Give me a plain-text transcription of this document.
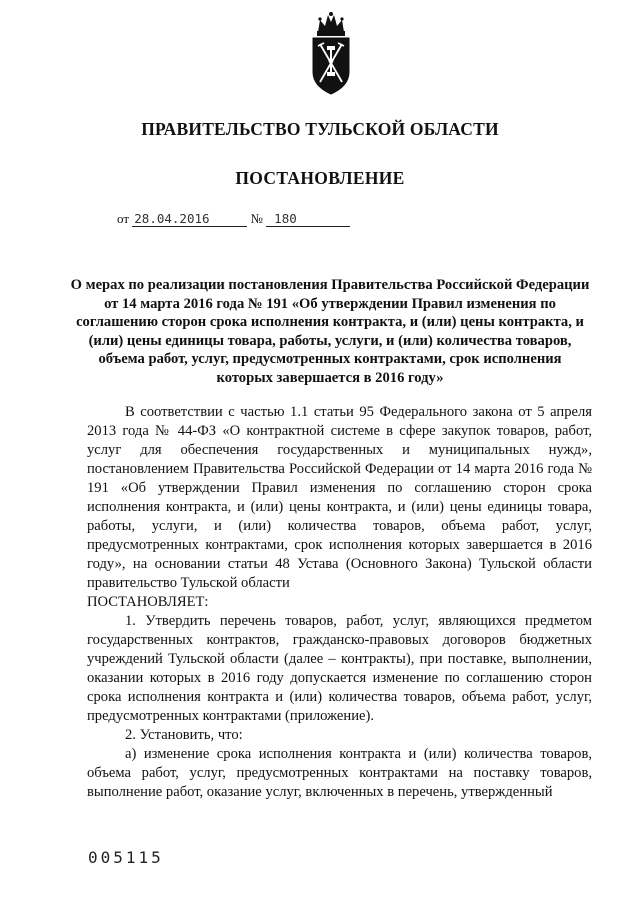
ПРАВИТЕЛЬСТВО ТУЛЬСКОЙ ОБЛАСТИ
ПОСТАНОВЛЕНИЕ
от 28.04.2016	№ 180
О мерах по реализации постановления Правительства Российской Федерации от 14 марта 2016 года № 191 «Об утверждении Правил изменения по соглашению сторон срока исполнения контракта, и (или) цены контракта, и (или) цены единицы товара, работы, услуги, и (или) количества товаров, объема работ, услуг, предусмотренных контрактами, срок исполнения которых завершается в 2016 году»

В соответствии с частью 1.1 статьи 95 Федерального закона от 5 апреля 2013 года № 44-ФЗ «О контрактной системе в сфере закупок товаров, работ, услуг для обеспечения государственных и муниципальных нужд», постановлением Правительства Российской Федерации от 14 марта 2016 года № 191 «Об утверждении Правил изменения по соглашению сторон срока исполнения контракта, и (или) цены контракта, и (или) цены единицы товара, работы, услуги, и (или) количества товаров, объема работ, услуг, предусмотренных контрактами, срок исполнения которых завершается в 2016 году», на основании статьи 48 Устава (Основного Закона) Тульской области правительство Тульской области

ПОСТАНОВЛЯЕТ:

1. Утвердить перечень товаров, работ, услуг, являющихся предметом государственных контрактов, гражданско-правовых договоров бюджетных учреждений Тульской области (далее – контракты), при поставке, выполнении, оказании которых в 2016 году допускается изменение по соглашению сторон срока исполнения контракта и (или) количества товаров, объема работ, услуг, предусмотренных контрактами (приложение).

2. Установить, что:

а) изменение срока исполнения контракта и (или) количества товаров, объема работ, услуг, предусмотренных контрактами на поставку товаров, выполнение работ, оказание услуг, включенных в перечень, утвержденный

005115
